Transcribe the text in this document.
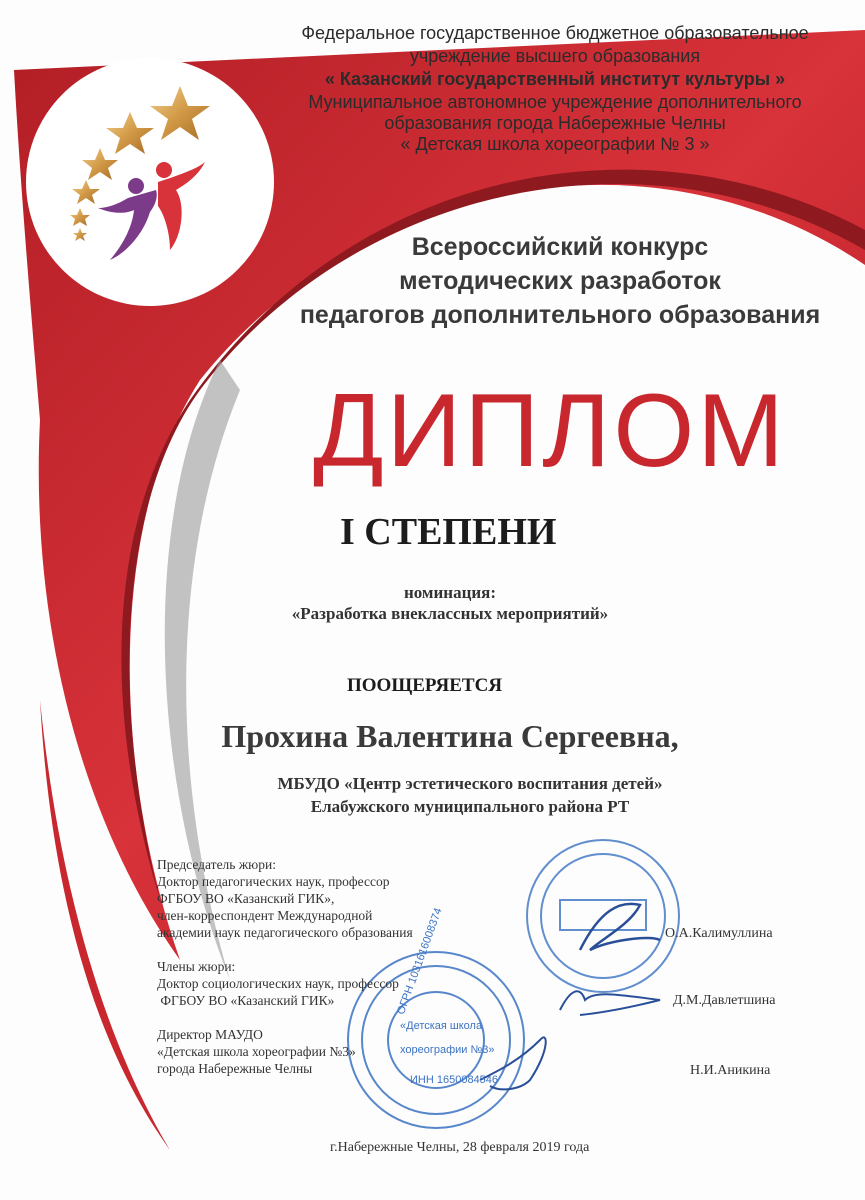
Федеральное государственное бюджетное образовательное

учреждение высшего образования

« Казанский государственный институт культуры »

Муниципальное автономное учреждение дополнительного

образования города Набережные Челны

« Детская школа хореографии № 3 »

Всероссийский конкурс

методических разработок

педагогов дополнительного образования

ДИПЛОМ

I СТЕПЕНИ

номинация:

«Разработка внеклассных мероприятий»

ПООЩЕРЯЕТСЯ

Прохина Валентина Сергеевна,

МБУДО «Центр эстетического воспитания детей»

Елабужского муниципального района РТ

Председатель жюри:

Доктор педагогических наук, профессор

ФГБОУ ВО «Казанский ГИК»,

член-корреспондент Международной

академии наук педагогического образования	О.А.Калимуллина

Члены жюри:

Доктор социологических наук, профессор

ФГБОУ ВО «Казанский ГИК»	Д.М.Давлетшина

Директор МАУДО

«Детская школа хореографии №3»

города Набережные Челны	Н.И.Аникина

ОГРН 1031616008374

«Детская школа

хореографии №3»

ИНН 1650084546

г.Набережные Челны, 28 февраля 2019 года
